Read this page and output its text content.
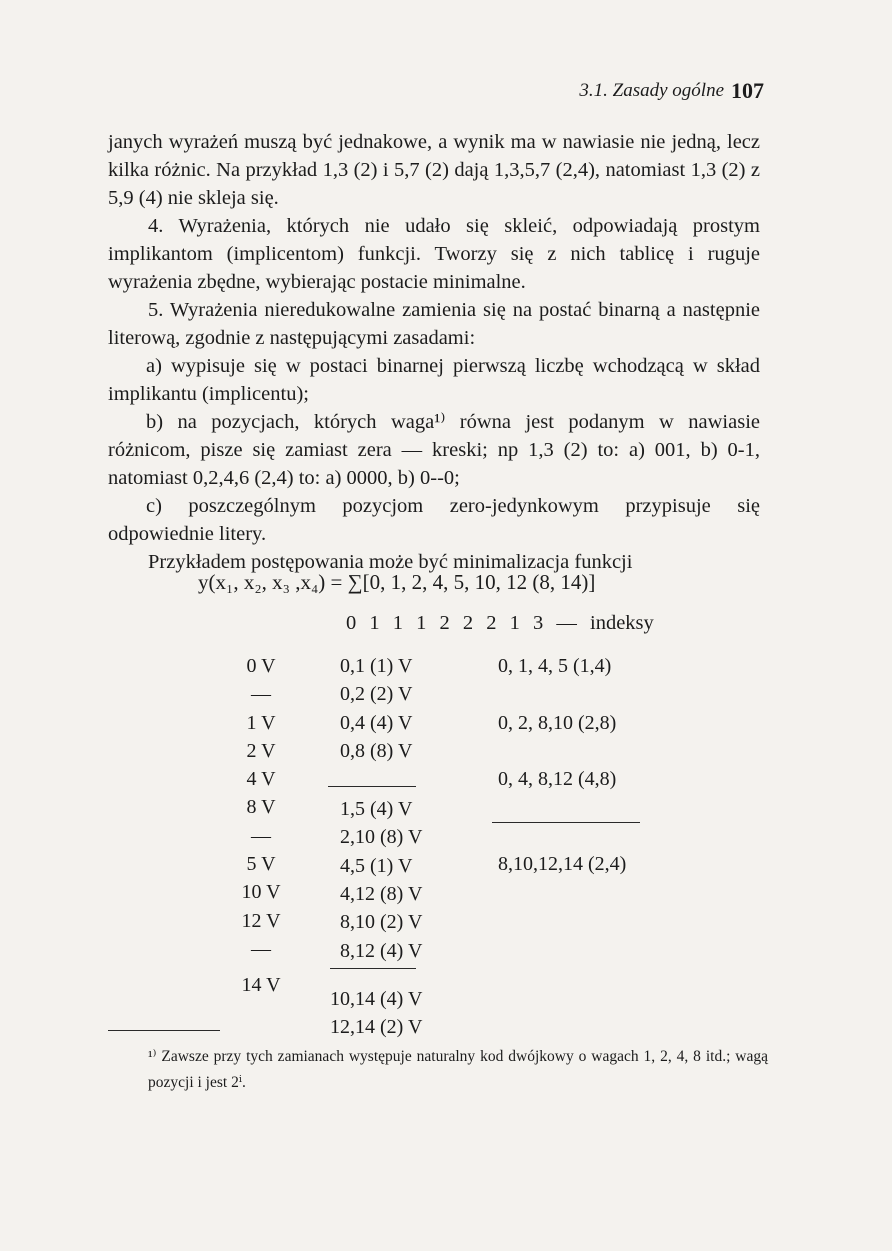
3.1. Zasady ogólne 107

janych wyrażeń muszą być jednakowe, a wynik ma w nawiasie nie jedną, lecz kilka różnic. Na przykład 1,3 (2) i 5,7 (2) dają 1,3,5,7 (2,4), natomiast 1,3 (2) z 5,9 (4) nie skleja się.

4. Wyrażenia, których nie udało się skleić, odpowiadają prostym implikantom (implicentom) funkcji. Tworzy się z nich tablicę i ruguje wyrażenia zbędne, wybierając postacie minimalne.

5. Wyrażenia nieredukowalne zamienia się na postać binarną a następnie literową, zgodnie z następującymi zasadami:

a) wypisuje się w postaci binarnej pierwszą liczbę wchodzącą w skład implikantu (implicentu);

b) na pozycjach, których waga¹⁾ równa jest podanym w nawiasie różnicom, pisze się zamiast zera — kreski; np 1,3 (2) to: a) 001, b) 0-1, natomiast 0,2,4,6 (2,4) to: a) 0000, b) 0--0;

c) poszczególnym pozycjom zero-jedynkowym przypisuje się odpowiednie litery.

Przykładem postępowania może być minimalizacja funkcji

y(x₁, x₂, x₃ ,x₄) = ∑[0, 1, 2, 4, 5, 10, 12 (8, 14)]
0 1 1 1 2 2 2 1 3 — indeksy
0 V
—
1 V
2 V
4 V
8 V
—
5 V
10 V
12 V
—
14 V
0,1 (1) V
0,2 (2) V
0,4 (4) V
0,8 (8) V
1,5 (4) V
2,10 (8) V
4,5 (1) V
4,12 (8) V
8,10 (2) V
8,12 (4) V
10,14 (4) V
12,14 (2) V
0, 1, 4, 5 (1,4)
0, 2, 8,10 (2,8)
0, 4, 8,12 (4,8)
8,10,12,14 (2,4)
¹⁾ Zawsze przy tych zamianach występuje naturalny kod dwójkowy o wagach 1, 2, 4, 8 itd.; wagą pozycji i jest 2ⁱ.
